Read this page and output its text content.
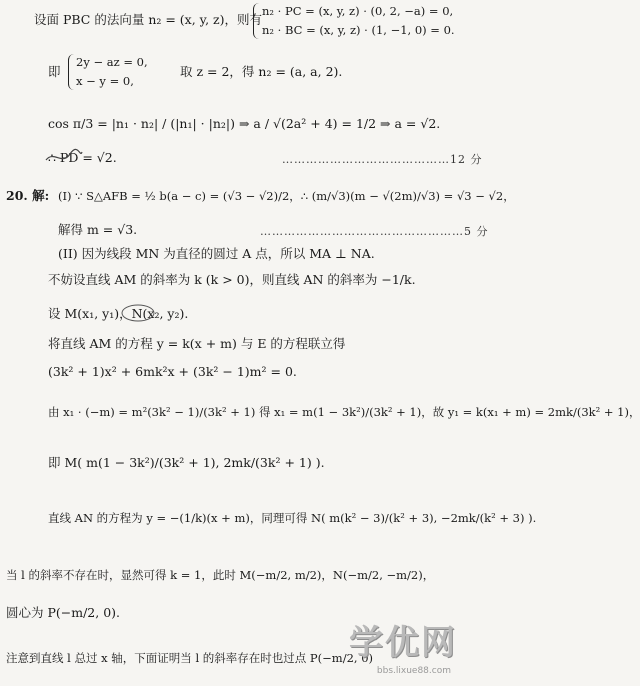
设面 PBC 的法向量 n₂ = (x, y, z)，则有
n₂ · PC = (x, y, z) · (0, 2, −a) = 0,
n₂ · BC = (x, y, z) · (1, −1, 0) = 0.
即
2y − az = 0,
x − y = 0,
取 z = 2，得 n₂ = (a, a, 2).
cos π/3 = |n₁ · n₂| / (|n₁| · |n₂|) ⇒ a / √(2a² + 4) = 1/2 ⇒ a = √2.
∴ PD = √2.	……………………………………12 分
20. 解: (I) ∵ S△AFB = ½ b(a − c) = (√3 − √2)/2，∴ (m/√3)(m − √(2m)/√3) = √3 − √2，
解得 m = √3.	……………………………………………5 分
(II) 因为线段 MN 为直径的圆过 A 点，所以 MA ⊥ NA.
不妨设直线 AM 的斜率为 k (k > 0)，则直线 AN 的斜率为 −1/k.
设 M(x₁, y₁)，N(x₂, y₂).
将直线 AM 的方程 y = k(x + m) 与 E 的方程联立得
(3k² + 1)x² + 6mk²x + (3k² − 1)m² = 0.
由 x₁ · (−m) = m²(3k² − 1)/(3k² + 1) 得 x₁ = m(1 − 3k²)/(3k² + 1)，故 y₁ = k(x₁ + m) = 2mk/(3k² + 1)，
即 M( m(1 − 3k²)/(3k² + 1), 2mk/(3k² + 1) ).
直线 AN 的方程为 y = −(1/k)(x + m)，同理可得 N( m(k² − 3)/(k² + 3), −2mk/(k² + 3) ).
当 l 的斜率不存在时，显然可得 k = 1，此时 M(−m/2, m/2)，N(−m/2, −m/2)，
圆心为 P(−m/2, 0).
注意到直线 l 总过 x 轴，下面证明当 l 的斜率存在时也过点 P(−m/2, 0)
学优网
bbs.lixue88.com
